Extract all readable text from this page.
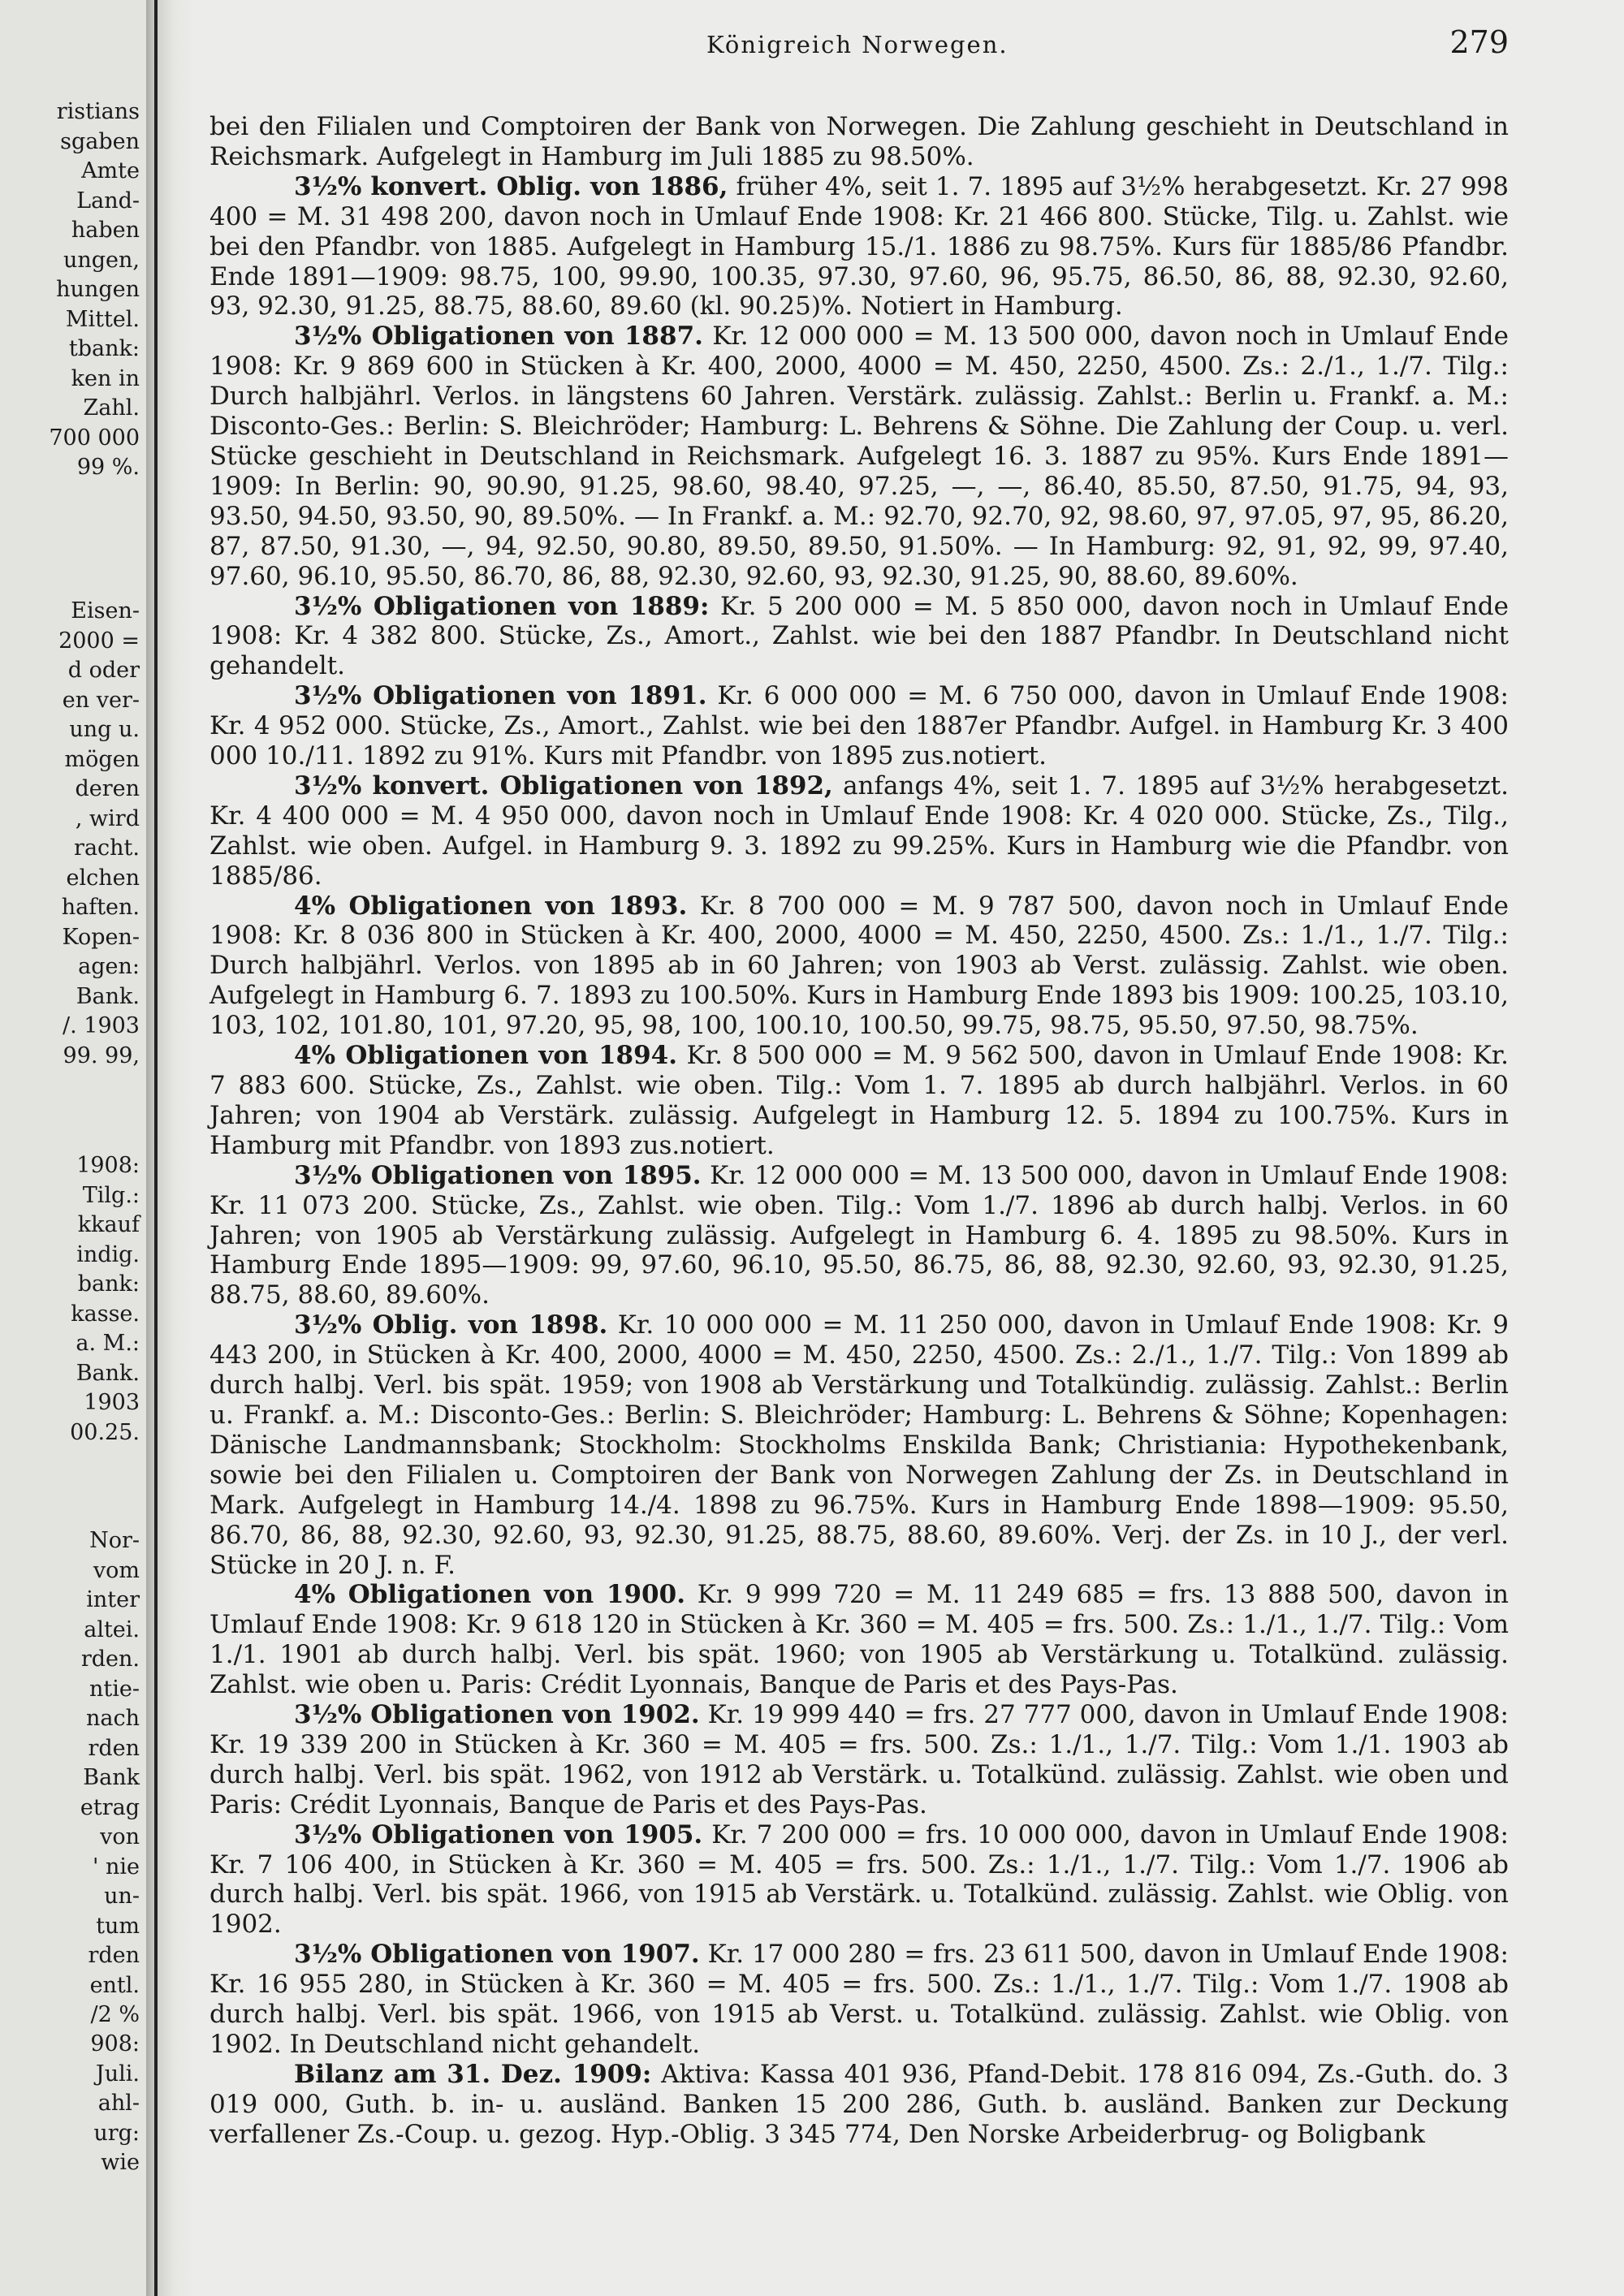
ristians
sgaben
Amte
Land-
haben
ungen,
hungen
Mittel.
tbank:
ken in
Zahl.
700 000
99 %.
Eisen-
2000 =
d oder
en ver-
ung u.
mögen
deren
, wird
racht.
elchen
haften.
Kopen-
agen:
Bank.
/. 1903
99. 99,
1908:
Tilg.:
kkauf
indig.
bank:
kasse.
a. M.:
Bank.
1903
00.25.
Nor-
vom
inter
altei.
rden.
ntie-
nach
rden
Bank
etrag
von
' nie
un-
tum
rden
entl.
/2 %
908:
Juli.
ahl-
urg:
wie
Königreich Norwegen.	279

bei den Filialen und Comptoiren der Bank von Norwegen. Die Zahlung geschieht in Deutschland in Reichsmark. Aufgelegt in Hamburg im Juli 1885 zu 98.50%.

3½% konvert. Oblig. von 1886, früher 4%, seit 1. 7. 1895 auf 3½% herabgesetzt. Kr. 27 998 400 = M. 31 498 200, davon noch in Umlauf Ende 1908: Kr. 21 466 800. Stücke, Tilg. u. Zahlst. wie bei den Pfandbr. von 1885. Aufgelegt in Hamburg 15./1. 1886 zu 98.75%. Kurs für 1885/86 Pfandbr. Ende 1891—1909: 98.75, 100, 99.90, 100.35, 97.30, 97.60, 96, 95.75, 86.50, 86, 88, 92.30, 92.60, 93, 92.30, 91.25, 88.75, 88.60, 89.60 (kl. 90.25)%. Notiert in Hamburg.

3½% Obligationen von 1887. Kr. 12 000 000 = M. 13 500 000, davon noch in Umlauf Ende 1908: Kr. 9 869 600 in Stücken à Kr. 400, 2000, 4000 = M. 450, 2250, 4500. Zs.: 2./1., 1./7. Tilg.: Durch halbjährl. Verlos. in längstens 60 Jahren. Verstärk. zulässig. Zahlst.: Berlin u. Frankf. a. M.: Disconto-Ges.: Berlin: S. Bleichröder; Hamburg: L. Behrens & Söhne. Die Zahlung der Coup. u. verl. Stücke geschieht in Deutschland in Reichsmark. Aufgelegt 16. 3. 1887 zu 95%. Kurs Ende 1891—1909: In Berlin: 90, 90.90, 91.25, 98.60, 98.40, 97.25, —, —, 86.40, 85.50, 87.50, 91.75, 94, 93, 93.50, 94.50, 93.50, 90, 89.50%. — In Frankf. a. M.: 92.70, 92.70, 92, 98.60, 97, 97.05, 97, 95, 86.20, 87, 87.50, 91.30, —, 94, 92.50, 90.80, 89.50, 89.50, 91.50%. — In Hamburg: 92, 91, 92, 99, 97.40, 97.60, 96.10, 95.50, 86.70, 86, 88, 92.30, 92.60, 93, 92.30, 91.25, 90, 88.60, 89.60%.

3½% Obligationen von 1889: Kr. 5 200 000 = M. 5 850 000, davon noch in Umlauf Ende 1908: Kr. 4 382 800. Stücke, Zs., Amort., Zahlst. wie bei den 1887 Pfandbr. In Deutschland nicht gehandelt.

3½% Obligationen von 1891. Kr. 6 000 000 = M. 6 750 000, davon in Umlauf Ende 1908: Kr. 4 952 000. Stücke, Zs., Amort., Zahlst. wie bei den 1887er Pfandbr. Aufgel. in Hamburg Kr. 3 400 000 10./11. 1892 zu 91%. Kurs mit Pfandbr. von 1895 zus.notiert.

3½% konvert. Obligationen von 1892, anfangs 4%, seit 1. 7. 1895 auf 3½% herabgesetzt. Kr. 4 400 000 = M. 4 950 000, davon noch in Umlauf Ende 1908: Kr. 4 020 000. Stücke, Zs., Tilg., Zahlst. wie oben. Aufgel. in Hamburg 9. 3. 1892 zu 99.25%. Kurs in Hamburg wie die Pfandbr. von 1885/86.

4% Obligationen von 1893. Kr. 8 700 000 = M. 9 787 500, davon noch in Umlauf Ende 1908: Kr. 8 036 800 in Stücken à Kr. 400, 2000, 4000 = M. 450, 2250, 4500. Zs.: 1./1., 1./7. Tilg.: Durch halbjährl. Verlos. von 1895 ab in 60 Jahren; von 1903 ab Verst. zulässig. Zahlst. wie oben. Aufgelegt in Hamburg 6. 7. 1893 zu 100.50%. Kurs in Hamburg Ende 1893 bis 1909: 100.25, 103.10, 103, 102, 101.80, 101, 97.20, 95, 98, 100, 100.10, 100.50, 99.75, 98.75, 95.50, 97.50, 98.75%.

4% Obligationen von 1894. Kr. 8 500 000 = M. 9 562 500, davon in Umlauf Ende 1908: Kr. 7 883 600. Stücke, Zs., Zahlst. wie oben. Tilg.: Vom 1. 7. 1895 ab durch halbjährl. Verlos. in 60 Jahren; von 1904 ab Verstärk. zulässig. Aufgelegt in Hamburg 12. 5. 1894 zu 100.75%. Kurs in Hamburg mit Pfandbr. von 1893 zus.notiert.

3½% Obligationen von 1895. Kr. 12 000 000 = M. 13 500 000, davon in Umlauf Ende 1908: Kr. 11 073 200. Stücke, Zs., Zahlst. wie oben. Tilg.: Vom 1./7. 1896 ab durch halbj. Verlos. in 60 Jahren; von 1905 ab Verstärkung zulässig. Aufgelegt in Hamburg 6. 4. 1895 zu 98.50%. Kurs in Hamburg Ende 1895—1909: 99, 97.60, 96.10, 95.50, 86.75, 86, 88, 92.30, 92.60, 93, 92.30, 91.25, 88.75, 88.60, 89.60%.

3½% Oblig. von 1898. Kr. 10 000 000 = M. 11 250 000, davon in Umlauf Ende 1908: Kr. 9 443 200, in Stücken à Kr. 400, 2000, 4000 = M. 450, 2250, 4500. Zs.: 2./1., 1./7. Tilg.: Von 1899 ab durch halbj. Verl. bis spät. 1959; von 1908 ab Verstärkung und Totalkündig. zulässig. Zahlst.: Berlin u. Frankf. a. M.: Disconto-Ges.: Berlin: S. Bleichröder; Hamburg: L. Behrens & Söhne; Kopenhagen: Dänische Landmannsbank; Stockholm: Stockholms Enskilda Bank; Christiania: Hypothekenbank, sowie bei den Filialen u. Comptoiren der Bank von Norwegen Zahlung der Zs. in Deutschland in Mark. Aufgelegt in Hamburg 14./4. 1898 zu 96.75%. Kurs in Hamburg Ende 1898—1909: 95.50, 86.70, 86, 88, 92.30, 92.60, 93, 92.30, 91.25, 88.75, 88.60, 89.60%. Verj. der Zs. in 10 J., der verl. Stücke in 20 J. n. F.

4% Obligationen von 1900. Kr. 9 999 720 = M. 11 249 685 = frs. 13 888 500, davon in Umlauf Ende 1908: Kr. 9 618 120 in Stücken à Kr. 360 = M. 405 = frs. 500. Zs.: 1./1., 1./7. Tilg.: Vom 1./1. 1901 ab durch halbj. Verl. bis spät. 1960; von 1905 ab Verstärkung u. Totalkünd. zulässig. Zahlst. wie oben u. Paris: Crédit Lyonnais, Banque de Paris et des Pays-Pas.

3½% Obligationen von 1902. Kr. 19 999 440 = frs. 27 777 000, davon in Umlauf Ende 1908: Kr. 19 339 200 in Stücken à Kr. 360 = M. 405 = frs. 500. Zs.: 1./1., 1./7. Tilg.: Vom 1./1. 1903 ab durch halbj. Verl. bis spät. 1962, von 1912 ab Verstärk. u. Totalkünd. zulässig. Zahlst. wie oben und Paris: Crédit Lyonnais, Banque de Paris et des Pays-Pas.

3½% Obligationen von 1905. Kr. 7 200 000 = frs. 10 000 000, davon in Umlauf Ende 1908: Kr. 7 106 400, in Stücken à Kr. 360 = M. 405 = frs. 500. Zs.: 1./1., 1./7. Tilg.: Vom 1./7. 1906 ab durch halbj. Verl. bis spät. 1966, von 1915 ab Verstärk. u. Totalkünd. zulässig. Zahlst. wie Oblig. von 1902.

3½% Obligationen von 1907. Kr. 17 000 280 = frs. 23 611 500, davon in Umlauf Ende 1908: Kr. 16 955 280, in Stücken à Kr. 360 = M. 405 = frs. 500. Zs.: 1./1., 1./7. Tilg.: Vom 1./7. 1908 ab durch halbj. Verl. bis spät. 1966, von 1915 ab Verst. u. Totalkünd. zulässig. Zahlst. wie Oblig. von 1902. In Deutschland nicht gehandelt.

Bilanz am 31. Dez. 1909: Aktiva: Kassa 401 936, Pfand-Debit. 178 816 094, Zs.-Guth. do. 3 019 000, Guth. b. in- u. ausländ. Banken 15 200 286, Guth. b. ausländ. Banken zur Deckung verfallener Zs.-Coup. u. gezog. Hyp.-Oblig. 3 345 774, Den Norske Arbeiderbrug- og Boligbank
